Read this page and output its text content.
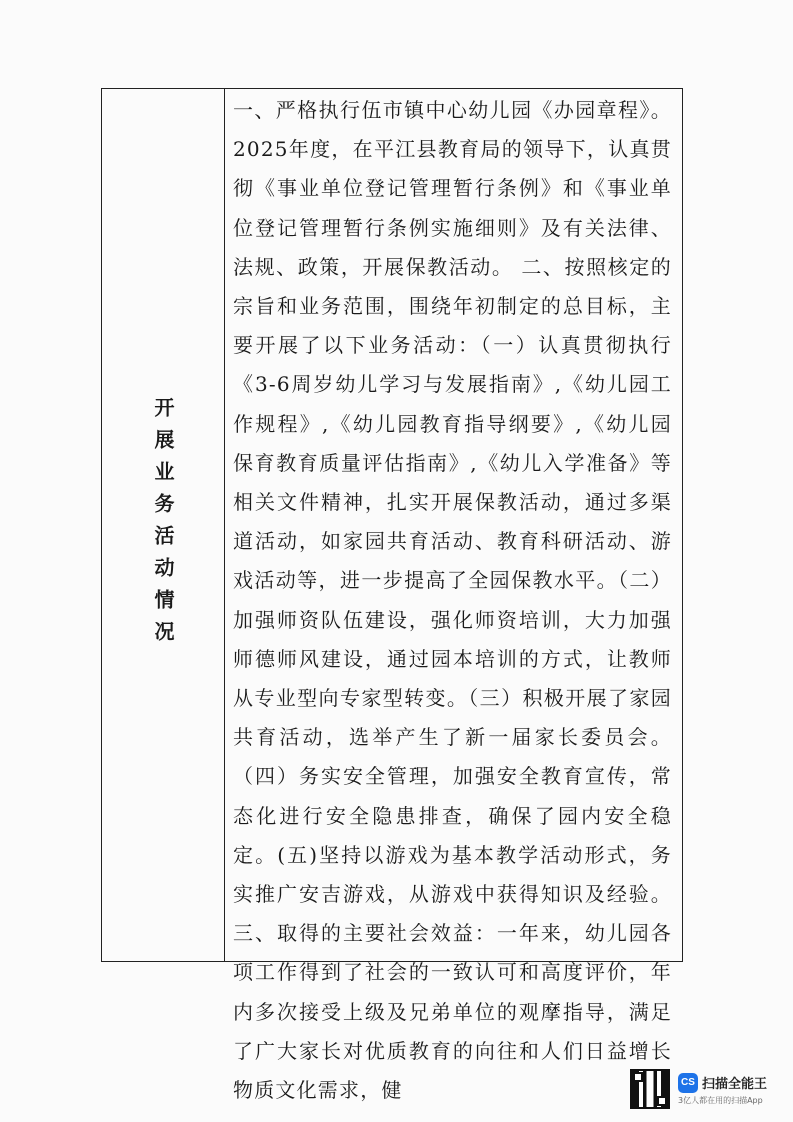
开展业务活动情况

一、严格执行伍市镇中心幼儿园《办园章程》。2025年度，在平江县教育局的领导下，认真贯彻《事业单位登记管理暂行条例》和《事业单位登记管理暂行条例实施细则》及有关法律、法规、政策，开展保教活动。 二、按照核定的宗旨和业务范围，围绕年初制定的总目标，主要开展了以下业务活动：（一）认真贯彻执行《3-6周岁幼儿学习与发展指南》,《幼儿园工作规程》,《幼儿园教育指导纲要》,《幼儿园保育教育质量评估指南》,《幼儿入学准备》等相关文件精神，扎实开展保教活动，通过多渠道活动，如家园共育活动、教育科研活动、游戏活动等，进一步提高了全园保教水平。（二）加强师资队伍建设，强化师资培训，大力加强师德师风建设，通过园本培训的方式，让教师从专业型向专家型转变。（三）积极开展了家园共育活动，选举产生了新一届家长委员会。（四）务实安全管理，加强安全教育宣传，常态化进行安全隐患排查，确保了园内安全稳定。(五)坚持以游戏为基本教学活动形式，务实推广安吉游戏，从游戏中获得知识及经验。 三、取得的主要社会效益：一年来，幼儿园各项工作得到了社会的一致认可和高度评价，年内多次接受上级及兄弟单位的观摩指导，满足了广大家长对优质教育的向往和人们日益增长物质文化需求，健	CS 扫描全能王
3亿人都在用的扫描App
